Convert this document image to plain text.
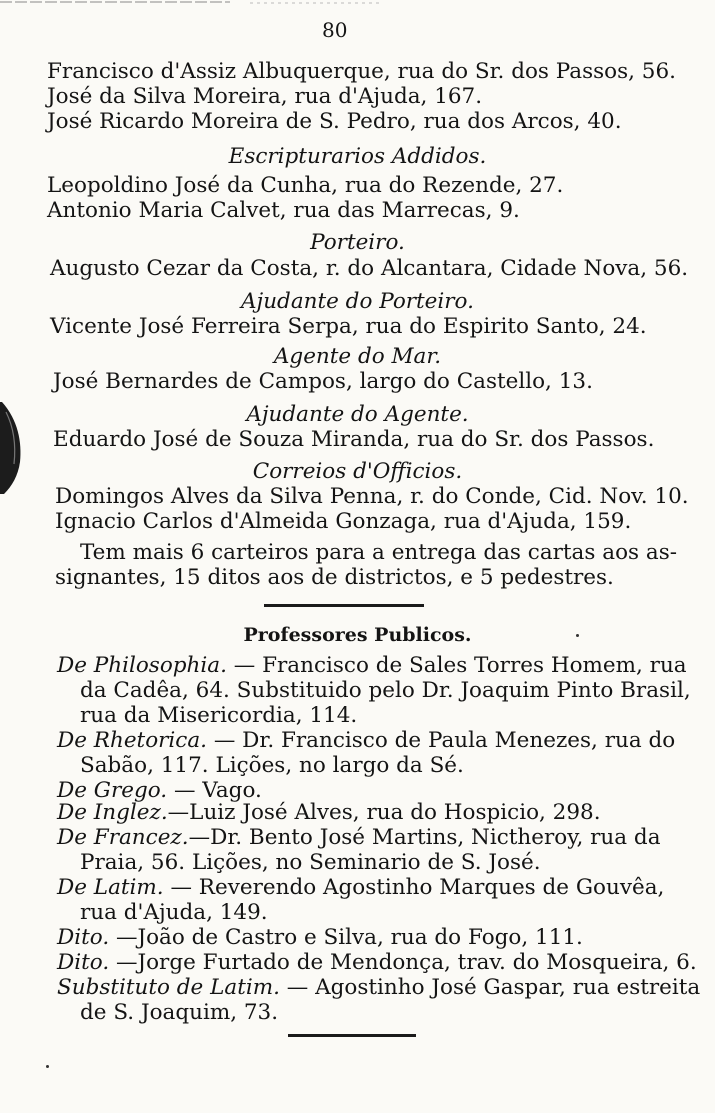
80
Francisco d'Assiz Albuquerque, rua do Sr. dos Passos, 56.
José da Silva Moreira, rua d'Ajuda, 167.
José Ricardo Moreira de S. Pedro, rua dos Arcos, 40.
Escripturarios Addidos.
Leopoldino José da Cunha, rua do Rezende, 27.
Antonio Maria Calvet, rua das Marrecas, 9.
Porteiro.
Augusto Cezar da Costa, r. do Alcantara, Cidade Nova, 56.
Ajudante do Porteiro.
Vicente José Ferreira Serpa, rua do Espirito Santo, 24.
Agente do Mar.
José Bernardes de Campos, largo do Castello, 13.
Ajudante do Agente.
Eduardo José de Souza Miranda, rua do Sr. dos Passos.
Correios d'Officios.
Domingos Alves da Silva Penna, r. do Conde, Cid. Nov. 10.
Ignacio Carlos d'Almeida Gonzaga, rua d'Ajuda, 159.
Tem mais 6 carteiros para a entrega das cartas aos as-
signantes, 15 ditos aos de districtos, e 5 pedestres.
Professores Publicos.
De Philosophia. — Francisco de Sales Torres Homem, rua
da Cadêa, 64. Substituido pelo Dr. Joaquim Pinto Brasil,
rua da Misericordia, 114.
De Rhetorica. — Dr. Francisco de Paula Menezes, rua do
Sabão, 117. Lições, no largo da Sé.
De Grego. — Vago.
De Inglez.—Luiz José Alves, rua do Hospicio, 298.
De Francez.—Dr. Bento José Martins, Nictheroy, rua da
Praia, 56. Lições, no Seminario de S. José.
De Latim. — Reverendo Agostinho Marques de Gouvêa,
rua d'Ajuda, 149.
Dito. —João de Castro e Silva, rua do Fogo, 111.
Dito. —Jorge Furtado de Mendonça, trav. do Mosqueira, 6.
Substituto de Latim. — Agostinho José Gaspar, rua estreita
de S. Joaquim, 73.
